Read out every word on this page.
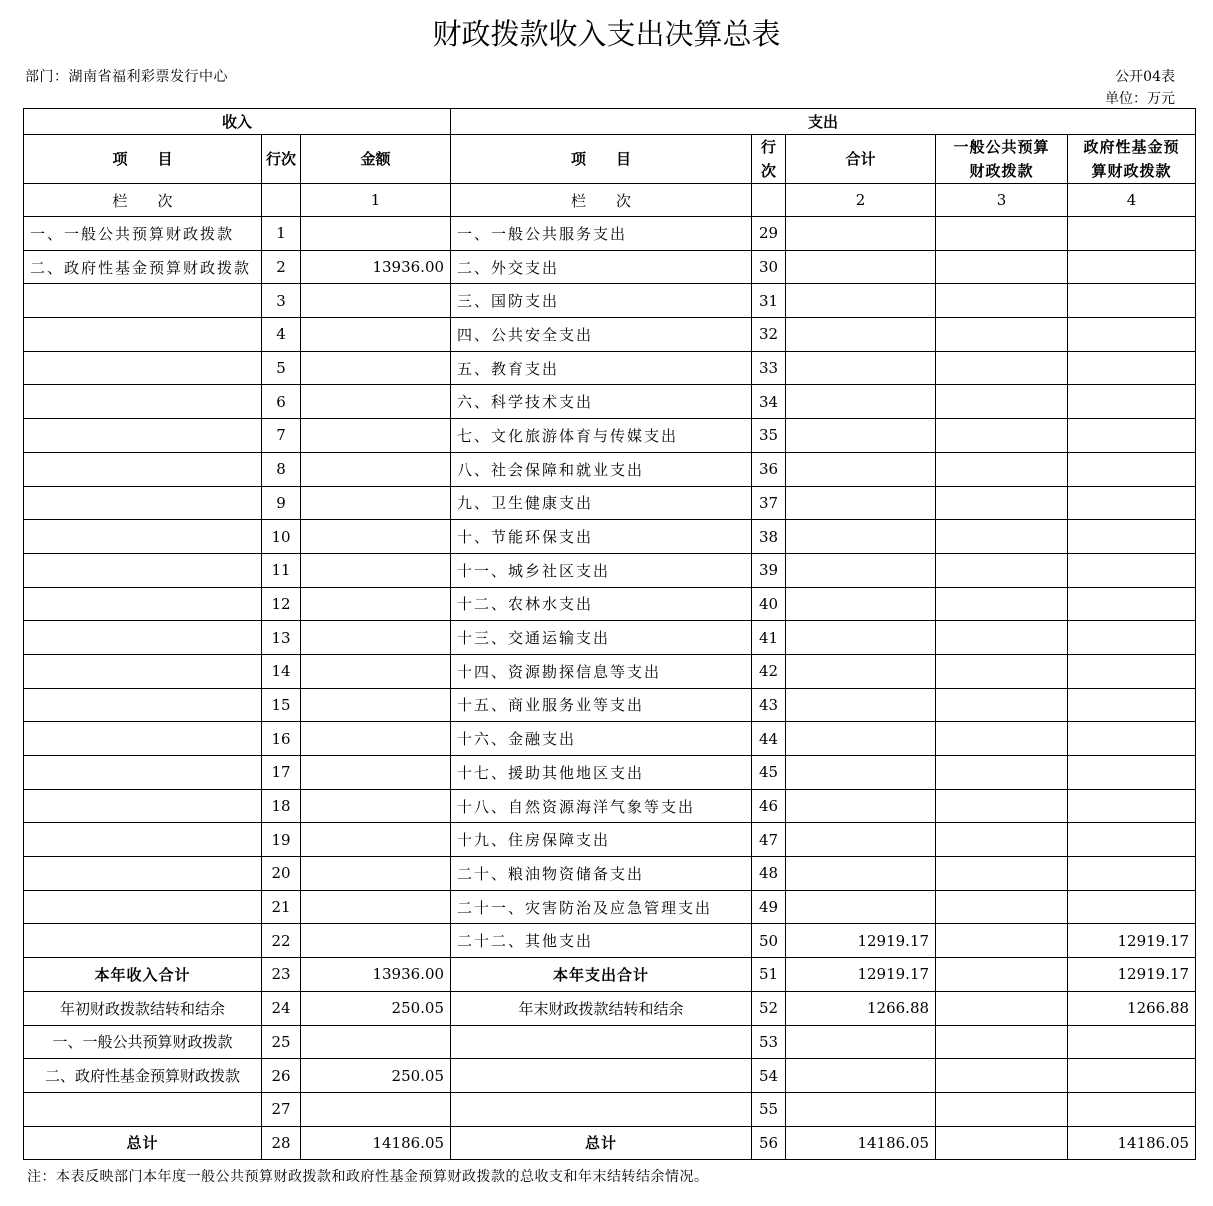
财政拨款收入支出决算总表
部门：湖南省福利彩票发行中心	公开04表
单位：万元
收入			支出				
项　　目	行次	金额	项　　目	行次	合计	一般公共预算财政拨款	政府性基金预算财政拨款
栏　　次		1	栏　　次		2	3	4
一、一般公共预算财政拨款	1		一、一般公共服务支出	29			
二、政府性基金预算财政拨款	2	13936.00	二、外交支出	30			
	3		三、国防支出	31			
	4		四、公共安全支出	32			
	5		五、教育支出	33			
	6		六、科学技术支出	34			
	7		七、文化旅游体育与传媒支出	35			
	8		八、社会保障和就业支出	36			
	9		九、卫生健康支出	37			
	10		十、节能环保支出	38			
	11		十一、城乡社区支出	39			
	12		十二、农林水支出	40			
	13		十三、交通运输支出	41			
	14		十四、资源勘探信息等支出	42			
	15		十五、商业服务业等支出	43			
	16		十六、金融支出	44			
	17		十七、援助其他地区支出	45			
	18		十八、自然资源海洋气象等支出	46			
	19		十九、住房保障支出	47			
	20		二十、粮油物资储备支出	48			
	21		二十一、灾害防治及应急管理支出	49			
	22		二十二、其他支出	50	12919.17		12919.17
本年收入合计	23	13936.00	本年支出合计	51	12919.17		12919.17
年初财政拨款结转和结余	24	250.05	年末财政拨款结转和结余	52	1266.88		1266.88
一、一般公共预算财政拨款	25			53			
二、政府性基金预算财政拨款	26	250.05		54			
	27			55			
总计	28	14186.05	总计	56	14186.05		14186.05
注：本表反映部门本年度一般公共预算财政拨款和政府性基金预算财政拨款的总收支和年末结转结余情况。
